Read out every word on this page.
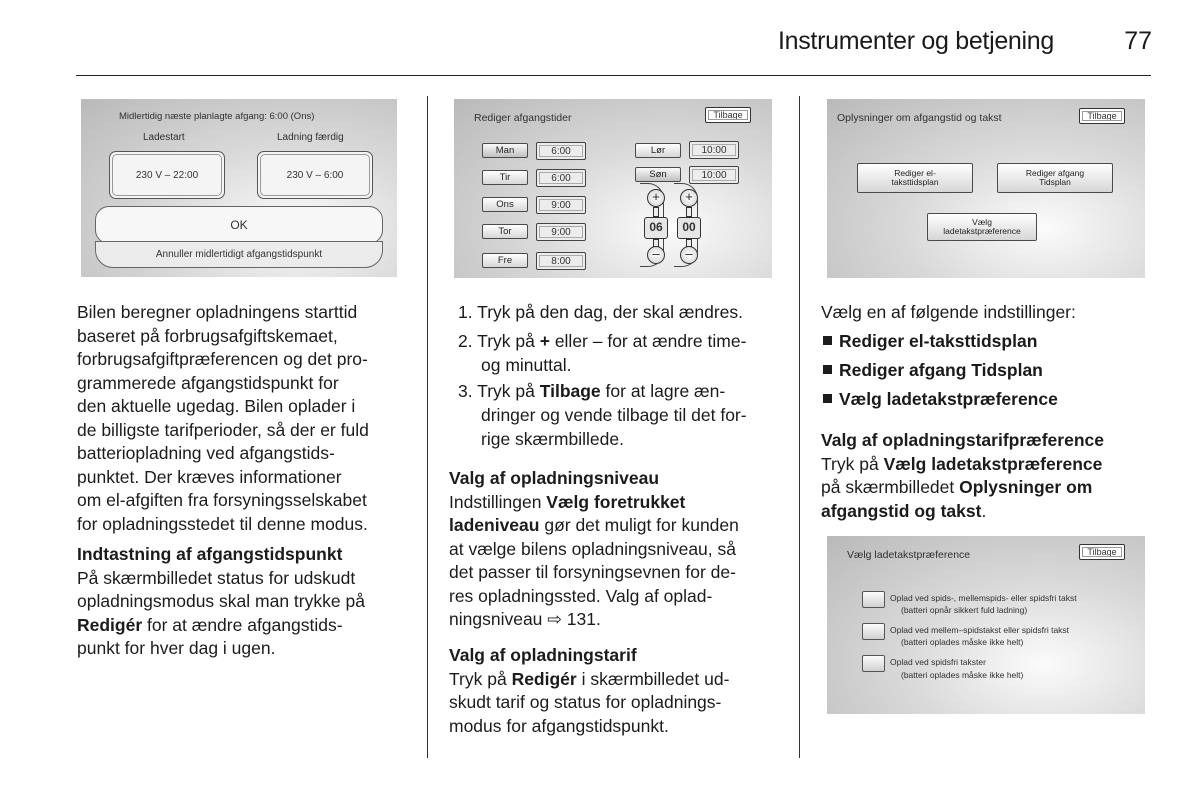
Instrumenter og betjening	77
Midlertidig næste planlagte afgang: 6:00 (Ons)
Ladestart	Ladning færdig
230 V – 22:00	230 V – 6:00
OK
Annuller midlertidigt afgangstidspunkt
Rediger afgangstider	Tilbage
Man	6:00
Tir	6:00
Ons	9:00
Tor	9:00
Fre	8:00
Lør	10:00
Søn	10:00
+
06
–
+
00
–
Oplysninger om afgangstid og takst	Tilbage
Rediger el-
taksttidsplan
Rediger afgang
Tidsplan
Vælg
ladetakstpræference
Vælg ladetakstpræference	Tilbage
Oplad ved spids-, mellemspids- eller spidsfri takst
(batteri opnår sikkert fuld ladning)
Oplad ved mellem–spidstakst eller spidsfri takst
(batteri oplades måske ikke helt)
Oplad ved spidsfri takster
(batteri oplades måske ikke helt)

Bilen beregner opladningens starttid

baseret på forbrugsafgiftskemaet,

forbrugsafgiftpræferencen og det pro-

grammerede afgangstidspunkt for

den aktuelle ugedag. Bilen oplader i

de billigste tarifperioder, så der er fuld

batteriopladning ved afgangstids-

punktet. Der kræves informationer

om el-afgiften fra forsyningsselskabet

for opladningsstedet til denne modus.

Indtastning af afgangstidspunkt

På skærmbilledet status for udskudt

opladningsmodus skal man trykke på

Redigér for at ændre afgangstids-

punkt for hver dag i ugen.

1. Tryk på den dag, der skal ændres.
2. Tryk på + eller – for at ændre time-
og minuttal.
3. Tryk på Tilbage for at lagre æn-

dringer og vende tilbage til det for-

rige skærmbillede.

Valg af opladningsniveau

Indstillingen Vælg foretrukket

ladeniveau gør det muligt for kunden

at vælge bilens opladningsniveau, så

det passer til forsyningsevnen for de-

res opladningssted. Valg af oplad-

ningsniveau ⇨ 131.

Valg af opladningstarif

Tryk på Redigér i skærmbilledet ud-

skudt tarif og status for opladnings-

modus for afgangstidspunkt.

Vælg en af følgende indstillinger:
Rediger el-taksttidsplan
Rediger afgang Tidsplan
Vælg ladetakstpræference

Valg af opladningstarifpræference

Tryk på Vælg ladetakstpræference

på skærmbilledet Oplysninger om

afgangstid og takst.
